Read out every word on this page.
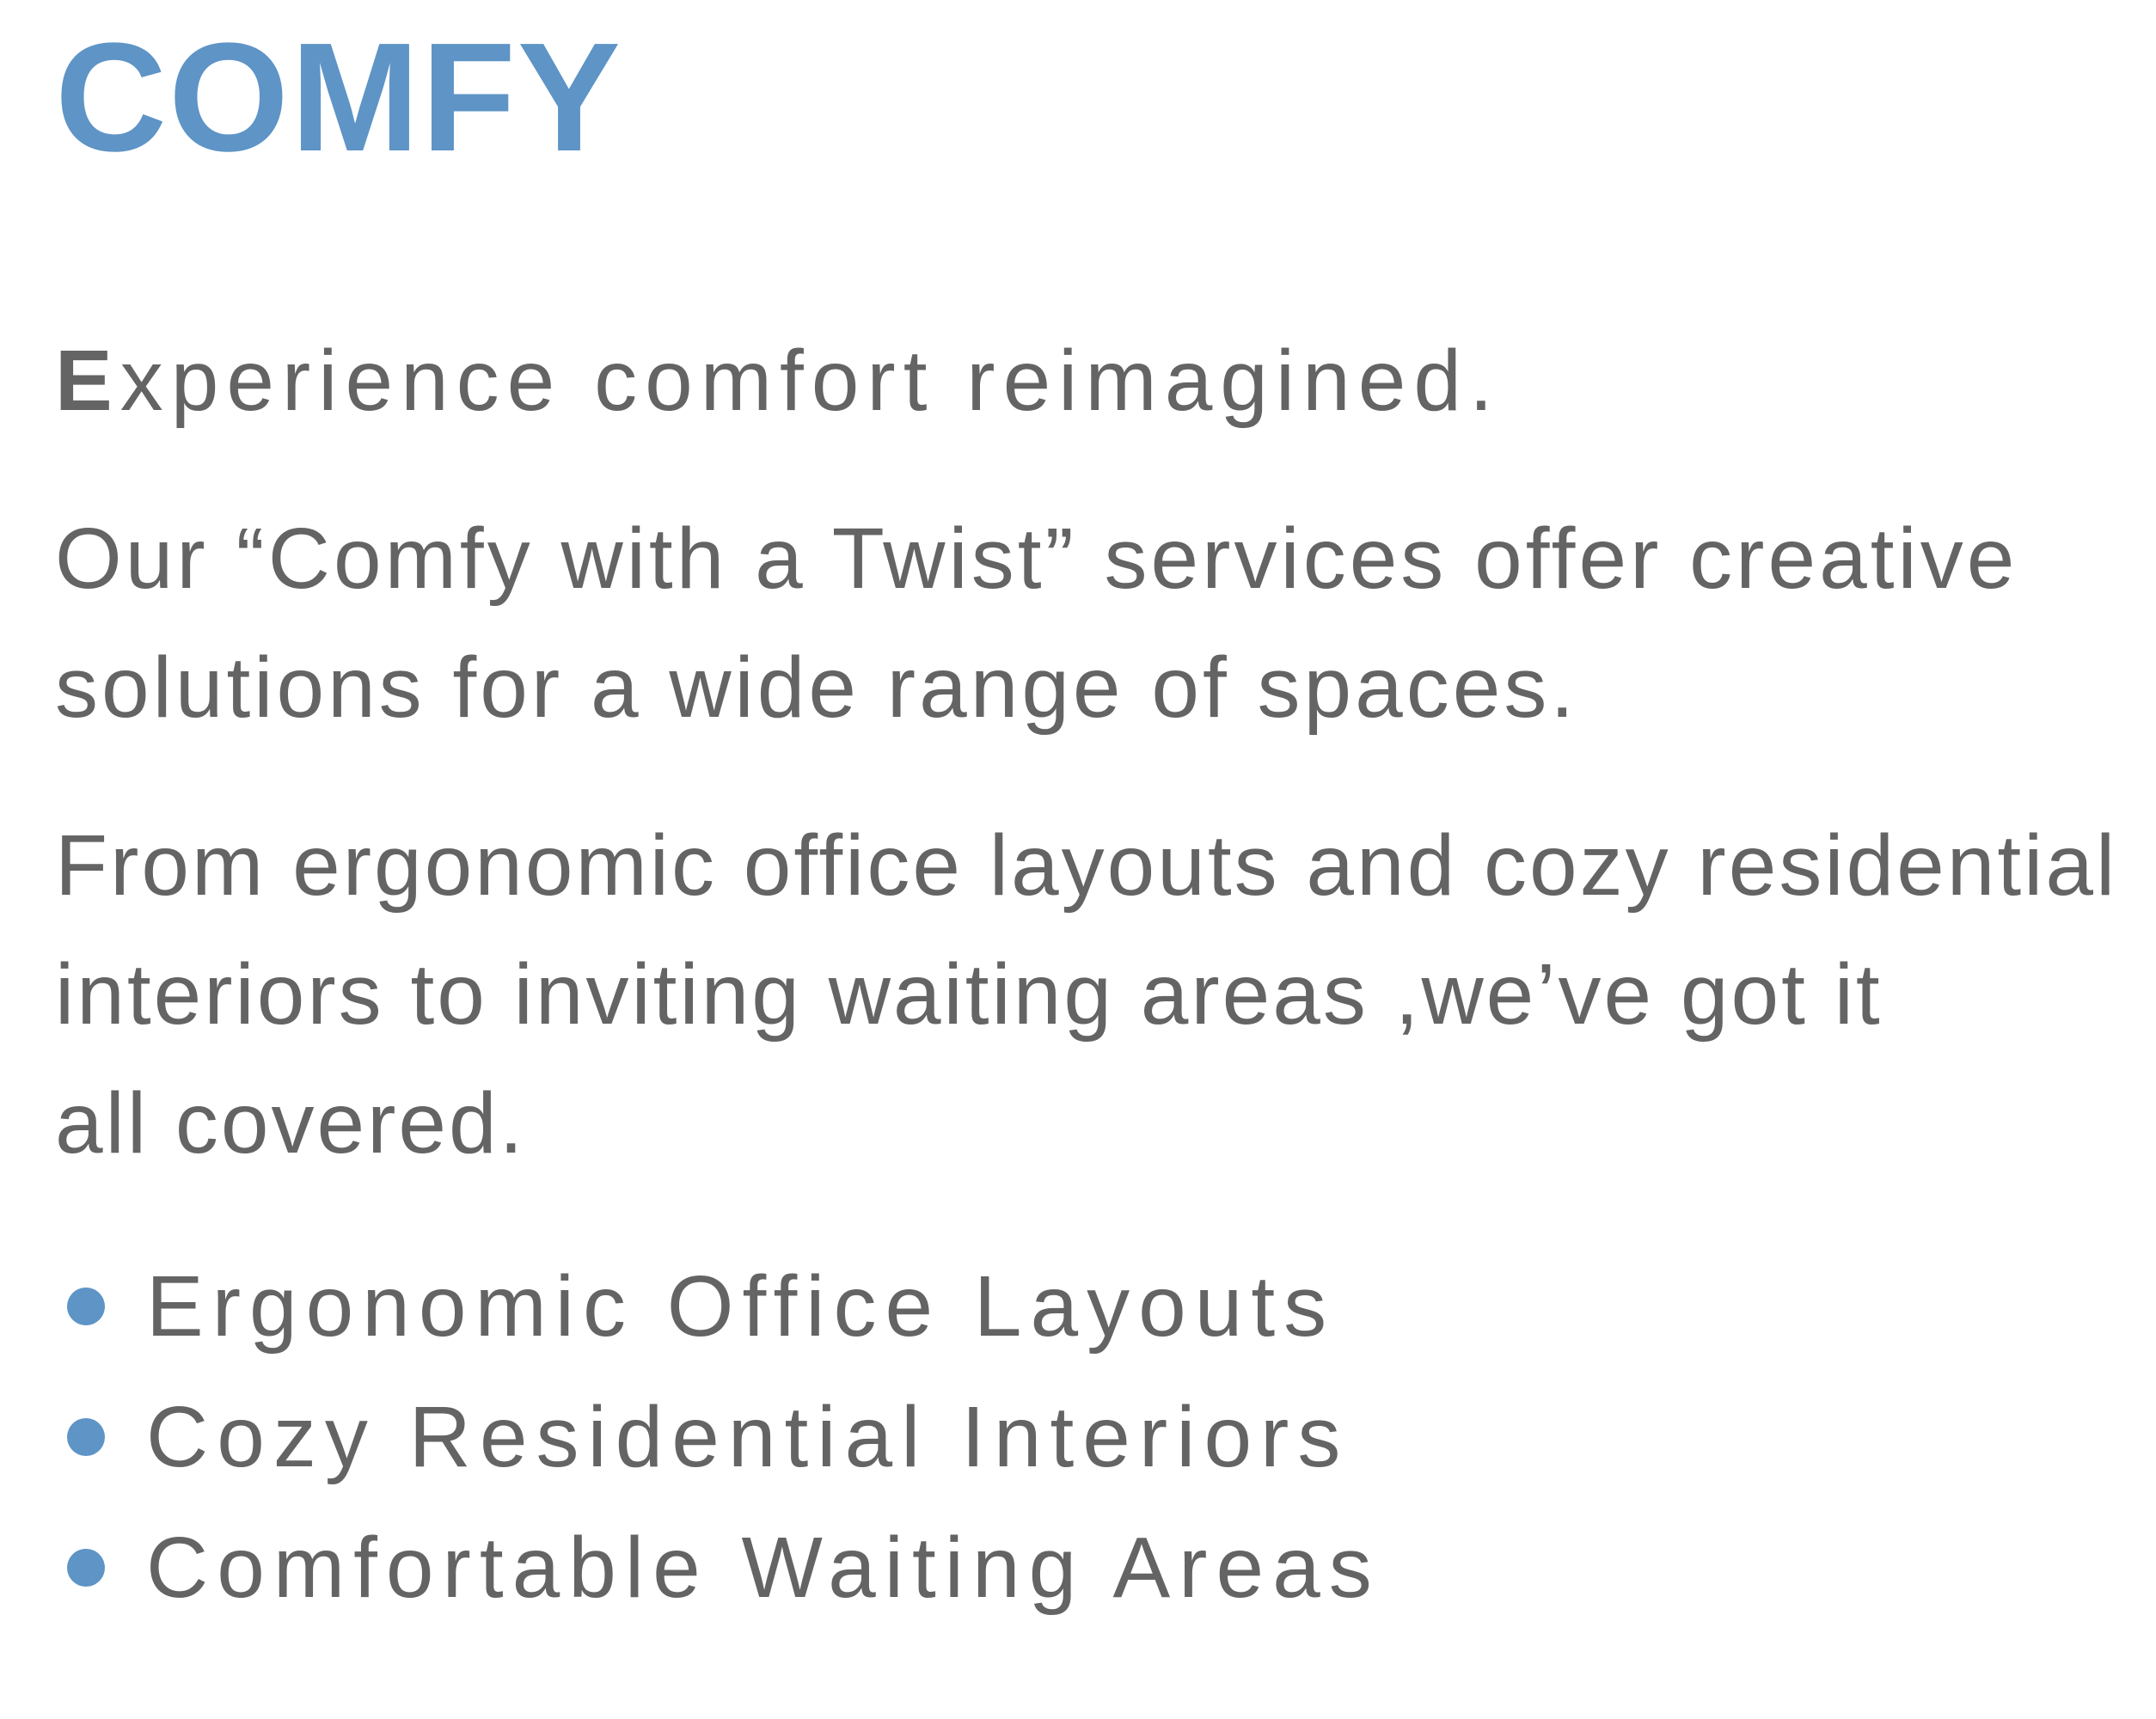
COMFY

Experience comfort reimagined.

Our “Comfy with a Twist” services offer creative
solutions for a wide range of spaces.

From ergonomic office layouts and cozy residential
interiors to inviting waiting areas ,we’ve got it
all covered.

Ergonomic Office Layouts
Cozy Residential Interiors
Comfortable Waiting Areas
